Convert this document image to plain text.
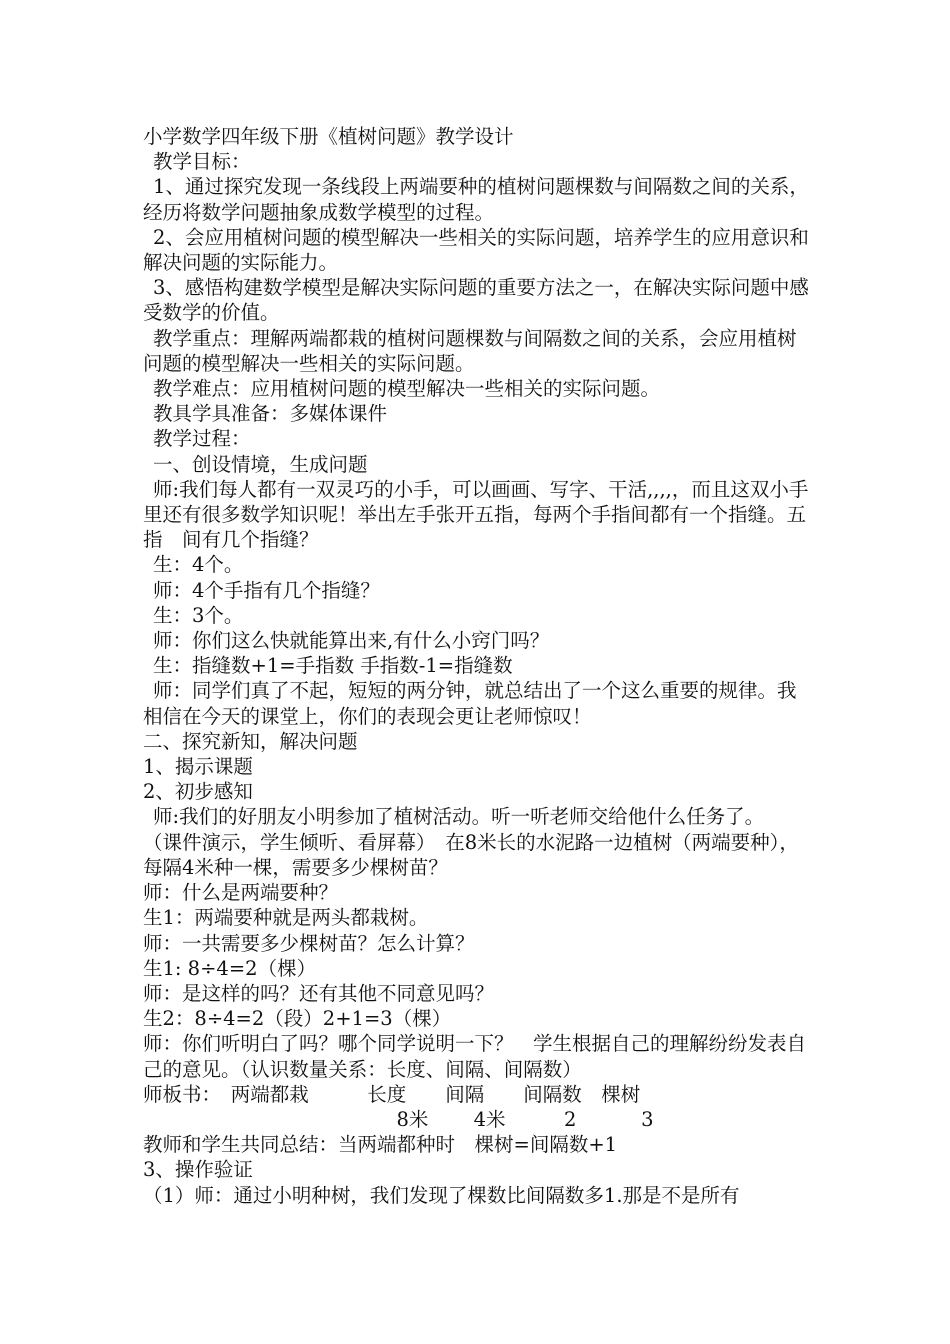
小学数学四年级下册《植树问题》教学设计

教学目标：

1、通过探究发现一条线段上两端要种的植树问题棵数与间隔数之间的关系，经历将数学问题抽象成数学模型的过程。

2、会应用植树问题的模型解决一些相关的实际问题，培养学生的应用意识和解决问题的实际能力。

3、感悟构建数学模型是解决实际问题的重要方法之一，在解决实际问题中感受数学的价值。

教学重点：理解两端都栽的植树问题棵数与间隔数之间的关系，会应用植树问题的模型解决一些相关的实际问题。

教学难点：应用植树问题的模型解决一些相关的实际问题。

教具学具准备：多媒体课件

教学过程：

一、创设情境，生成问题

师:我们每人都有一双灵巧的小手，可以画画、写字、干活,,,,，而且这双小手里还有很多数学知识呢！举出左手张开五指，每两个手指间都有一个指缝。五指　间有几个指缝？

生：4个。

师：4个手指有几个指缝？

生：3个。

师：你们这么快就能算出来,有什么小窍门吗？

生：指缝数+1=手指数 手指数-1=指缝数

师：同学们真了不起，短短的两分钟，就总结出了一个这么重要的规律。我相信在今天的课堂上，你们的表现会更让老师惊叹！

二、探究新知，解决问题

1、揭示课题

2、初步感知

师:我们的好朋友小明参加了植树活动。听一听老师交给他什么任务了。

（课件演示，学生倾听、看屏幕）　在8米长的水泥路一边植树（两端要种），每隔4米种一棵，需要多少棵树苗？

师：什么是两端要种？

生1：两端要种就是两头都栽树。

师：一共需要多少棵树苗？怎么计算？

生1: 8÷4=2（棵）

师：是这样的吗？还有其他不同意见吗？

生2：8÷4=2（段）2+1=3（棵）

师：你们听明白了吗？哪个同学说明一下？　学生根据自己的理解纷纷发表自己的意见。（认识数量关系：长度、间隔、间隔数）

师板书：　两端都栽　　　长度　　间隔　　间隔数　棵树

　　　　　　　　　　　　　8米　　 4米　　　2　　　 3

教师和学生共同总结：当两端都种时　棵树=间隔数+1

3、操作验证

（1）师：通过小明种树，我们发现了棵数比间隔数多1.那是不是所有
